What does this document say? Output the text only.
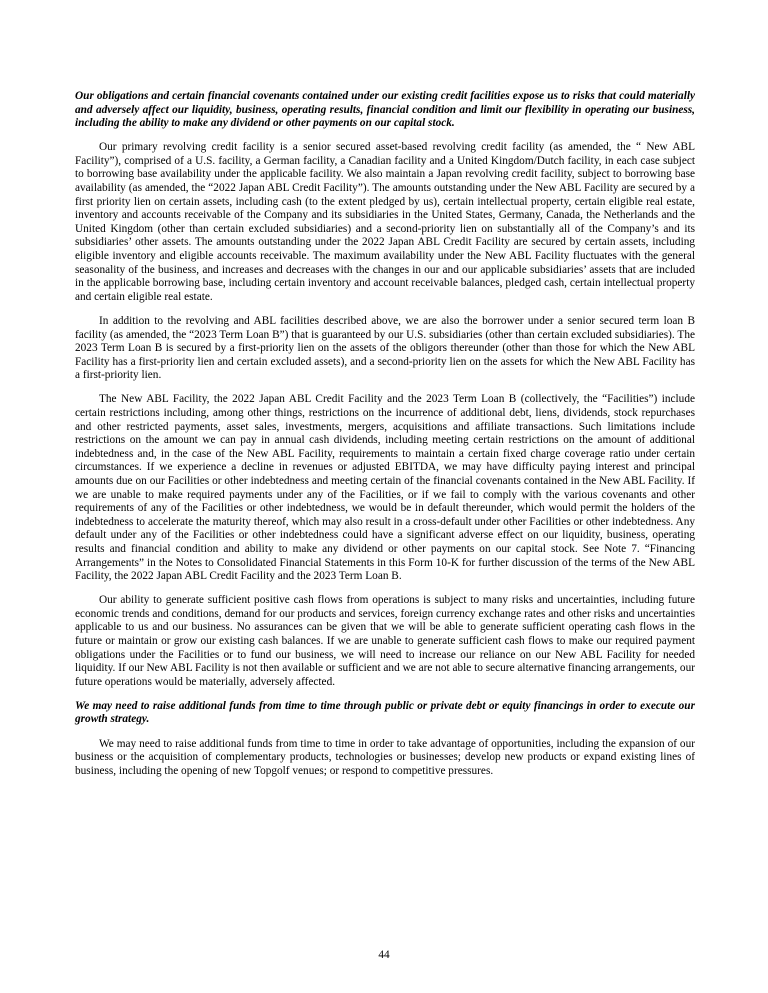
Our obligations and certain financial covenants contained under our existing credit facilities expose us to risks that could materially and adversely affect our liquidity, business, operating results, financial condition and limit our flexibility in operating our business, including the ability to make any dividend or other payments on our capital stock.
Our primary revolving credit facility is a senior secured asset-based revolving credit facility (as amended, the “ New ABL Facility”), comprised of a U.S. facility, a German facility, a Canadian facility and a United Kingdom/Dutch facility, in each case subject to borrowing base availability under the applicable facility. We also maintain a Japan revolving credit facility, subject to borrowing base availability (as amended, the “2022 Japan ABL Credit Facility”). The amounts outstanding under the New ABL Facility are secured by a first priority lien on certain assets, including cash (to the extent pledged by us), certain intellectual property, certain eligible real estate, inventory and accounts receivable of the Company and its subsidiaries in the United States, Germany, Canada, the Netherlands and the United Kingdom (other than certain excluded subsidiaries) and a second-priority lien on substantially all of the Company’s and its subsidiaries’ other assets. The amounts outstanding under the 2022 Japan ABL Credit Facility are secured by certain assets, including eligible inventory and eligible accounts receivable. The maximum availability under the New ABL Facility fluctuates with the general seasonality of the business, and increases and decreases with the changes in our and our applicable subsidiaries’ assets that are included in the applicable borrowing base, including certain inventory and account receivable balances, pledged cash, certain intellectual property and certain eligible real estate.
In addition to the revolving and ABL facilities described above, we are also the borrower under a senior secured term loan B facility (as amended, the “2023 Term Loan B”) that is guaranteed by our U.S. subsidiaries (other than certain excluded subsidiaries). The 2023 Term Loan B is secured by a first-priority lien on the assets of the obligors thereunder (other than those for which the New ABL Facility has a first-priority lien and certain excluded assets), and a second-priority lien on the assets for which the New ABL Facility has a first-priority lien.
The New ABL Facility, the 2022 Japan ABL Credit Facility and the 2023 Term Loan B (collectively, the “Facilities”) include certain restrictions including, among other things, restrictions on the incurrence of additional debt, liens, dividends, stock repurchases and other restricted payments, asset sales, investments, mergers, acquisitions and affiliate transactions. Such limitations include restrictions on the amount we can pay in annual cash dividends, including meeting certain restrictions on the amount of additional indebtedness and, in the case of the New ABL Facility, requirements to maintain a certain fixed charge coverage ratio under certain circumstances. If we experience a decline in revenues or adjusted EBITDA, we may have difficulty paying interest and principal amounts due on our Facilities or other indebtedness and meeting certain of the financial covenants contained in the New ABL Facility. If we are unable to make required payments under any of the Facilities, or if we fail to comply with the various covenants and other requirements of any of the Facilities or other indebtedness, we would be in default thereunder, which would permit the holders of the indebtedness to accelerate the maturity thereof, which may also result in a cross-default under other Facilities or other indebtedness. Any default under any of the Facilities or other indebtedness could have a significant adverse effect on our liquidity, business, operating results and financial condition and ability to make any dividend or other payments on our capital stock. See Note 7. “Financing Arrangements” in the Notes to Consolidated Financial Statements in this Form 10-K for further discussion of the terms of the New ABL Facility, the 2022 Japan ABL Credit Facility and the 2023 Term Loan B.
Our ability to generate sufficient positive cash flows from operations is subject to many risks and uncertainties, including future economic trends and conditions, demand for our products and services, foreign currency exchange rates and other risks and uncertainties applicable to us and our business. No assurances can be given that we will be able to generate sufficient operating cash flows in the future or maintain or grow our existing cash balances. If we are unable to generate sufficient cash flows to make our required payment obligations under the Facilities or to fund our business, we will need to increase our reliance on our New ABL Facility for needed liquidity. If our New ABL Facility is not then available or sufficient and we are not able to secure alternative financing arrangements, our future operations would be materially, adversely affected.
We may need to raise additional funds from time to time through public or private debt or equity financings in order to execute our growth strategy.
We may need to raise additional funds from time to time in order to take advantage of opportunities, including the expansion of our business or the acquisition of complementary products, technologies or businesses; develop new products or expand existing lines of business, including the opening of new Topgolf venues; or respond to competitive pressures.
44
